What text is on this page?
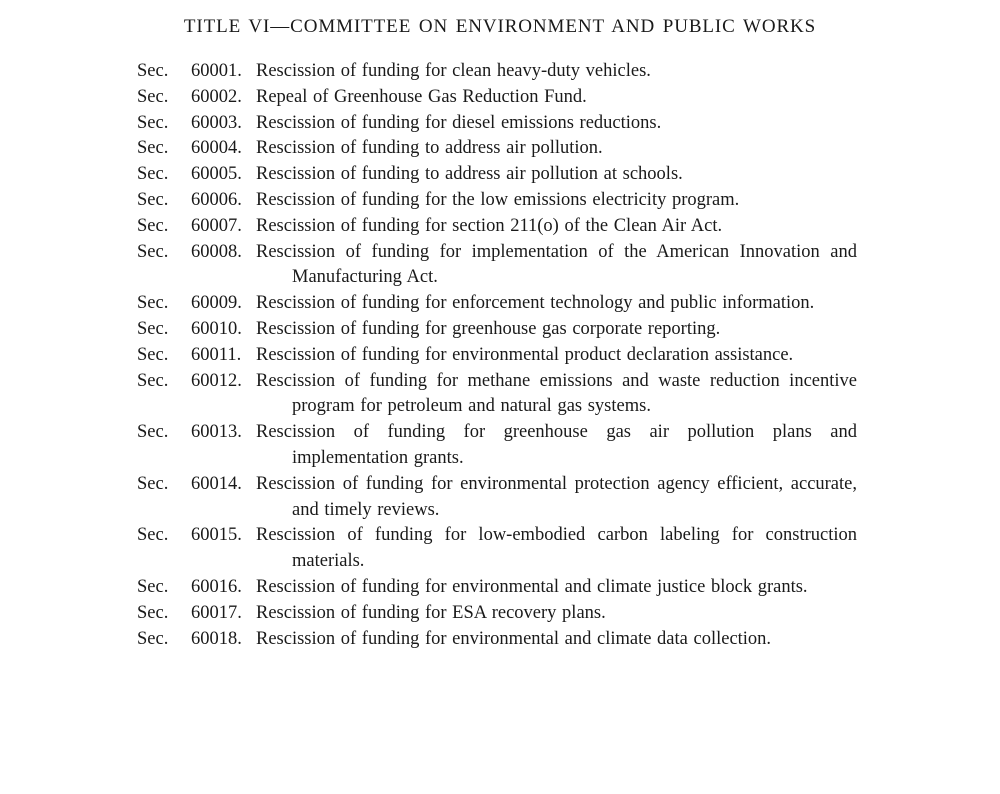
TITLE VI—COMMITTEE ON ENVIRONMENT AND PUBLIC WORKS
Sec.	60001. Rescission of funding for clean heavy-duty vehicles.
Sec.	60002. Repeal of Greenhouse Gas Reduction Fund.
Sec.	60003. Rescission of funding for diesel emissions reductions.
Sec.	60004. Rescission of funding to address air pollution.
Sec.	60005. Rescission of funding to address air pollution at schools.
Sec.	60006. Rescission of funding for the low emissions electricity program.
Sec.	60007. Rescission of funding for section 211(o) of the Clean Air Act.
Sec.	60008. Rescission of funding for implementation of the American Innovation and Manufacturing Act.
Sec.	60009. Rescission of funding for enforcement technology and public information.
Sec.	60010. Rescission of funding for greenhouse gas corporate reporting.
Sec.	60011. Rescission of funding for environmental product declaration assistance.
Sec.	60012. Rescission of funding for methane emissions and waste reduction incentive program for petroleum and natural gas systems.
Sec.	60013. Rescission of funding for greenhouse gas air pollution plans and implementation grants.
Sec.	60014. Rescission of funding for environmental protection agency efficient, accurate, and timely reviews.
Sec.	60015. Rescission of funding for low-embodied carbon labeling for construction materials.
Sec.	60016. Rescission of funding for environmental and climate justice block grants.
Sec.	60017. Rescission of funding for ESA recovery plans.
Sec.	60018. Rescission of funding for environmental and climate data collection.
